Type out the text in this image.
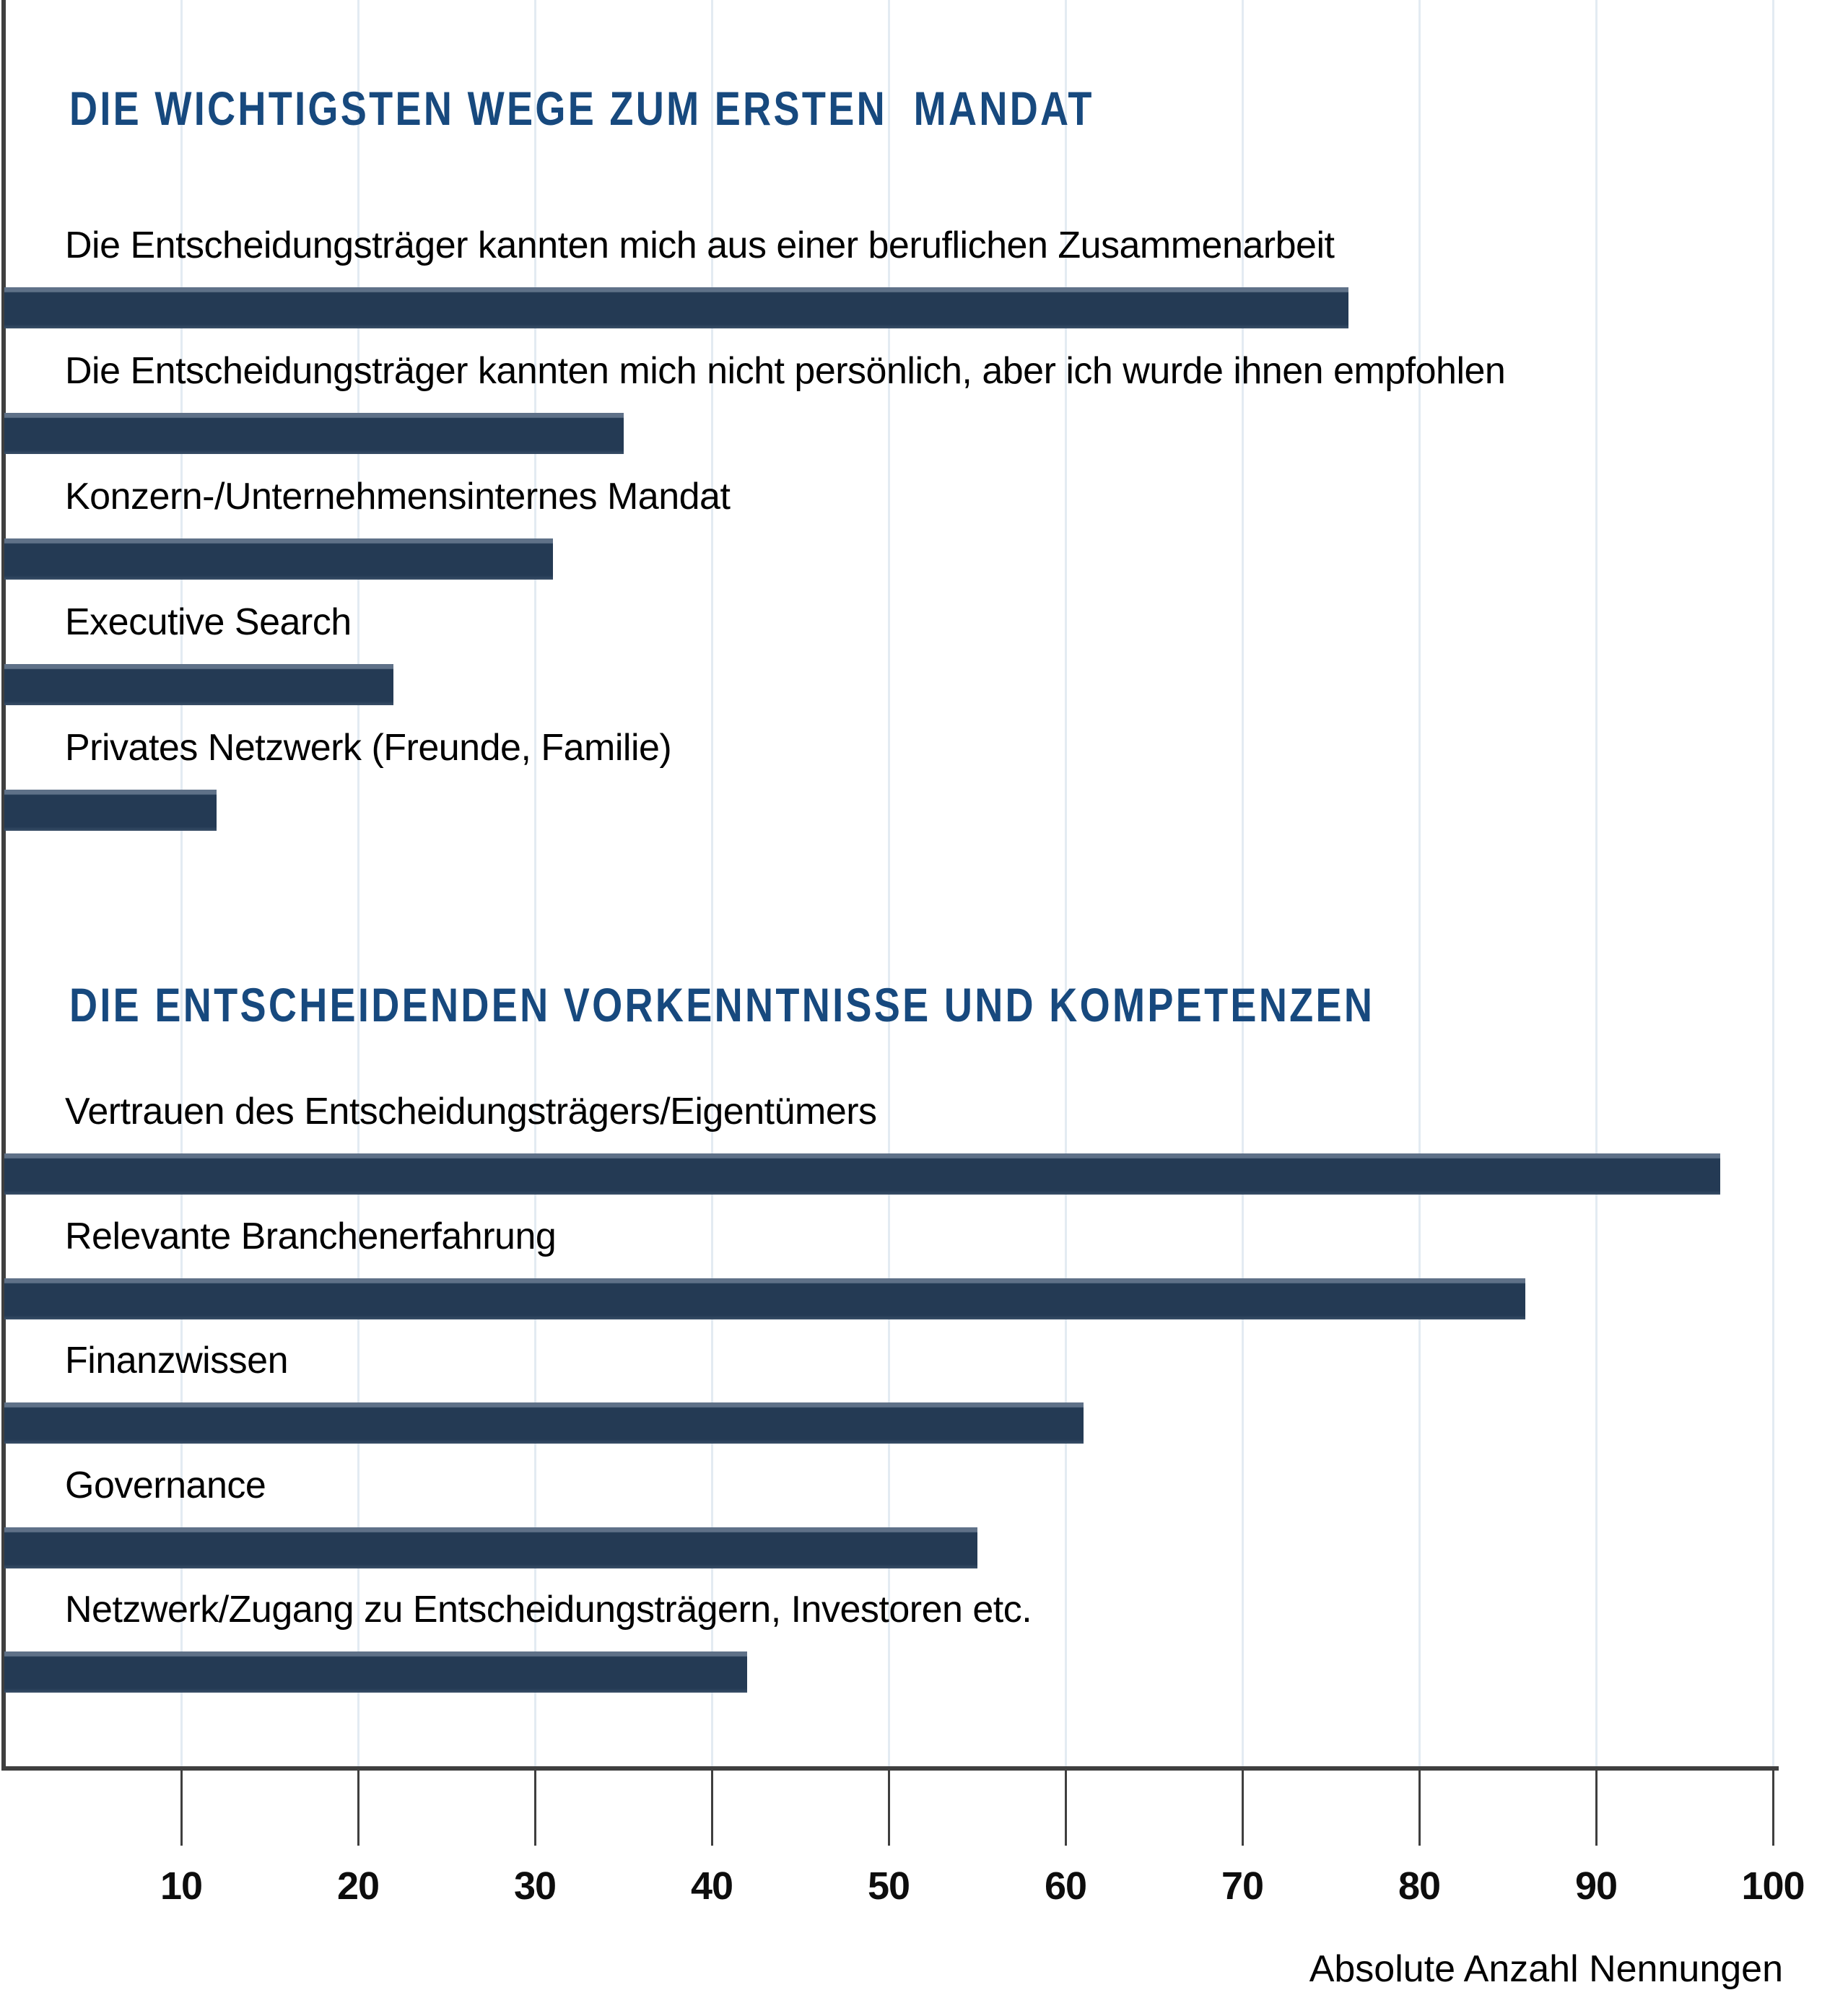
DIE WICHTIGSTEN WEGE ZUM ERSTEN  MANDAT
Die Entscheidungsträger kannten mich aus einer beruflichen Zusammenarbeit
Die Entscheidungsträger kannten mich nicht persönlich, aber ich wurde ihnen empfohlen
Konzern-/Unternehmensinternes Mandat
Executive Search
Privates Netzwerk (Freunde, Familie)
DIE ENTSCHEIDENDEN VORKENNTNISSE UND KOMPETENZEN
Vertrauen des Entscheidungsträgers/Eigentümers
Relevante Branchenerfahrung
Finanzwissen
Governance
Netzwerk/Zugang zu Entscheidungsträgern, Investoren etc.
10	20	30	40	50	60	70	80	90	100
Absolute Anzahl Nennungen
